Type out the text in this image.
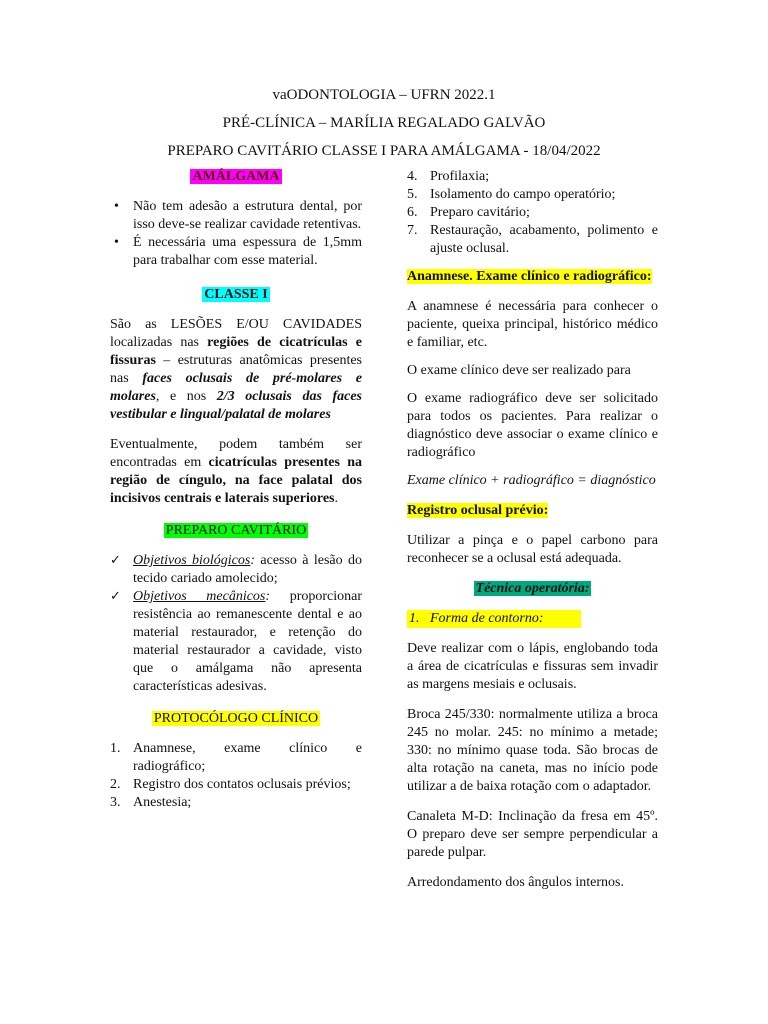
vaODONTOLOGIA – UFRN 2022.1
PRÉ-CLÍNICA – MARÍLIA REGALADO GALVÃO
PREPARO CAVITÁRIO CLASSE I PARA AMÁLGAMA - 18/04/2022

AMÁLGAMA

• Não tem adesão a estrutura dental, por isso deve-se realizar cavidade retentivas.
• É necessária uma espessura de 1,5mm para trabalhar com esse material.

CLASSE I

São as LESÕES E/OU CAVIDADES localizadas nas regiões de cicatrículas e fissuras – estruturas anatômicas presentes nas faces oclusais de pré-molares e molares, e nos 2/3 oclusais das faces vestibular e lingual/palatal de molares

Eventualmente, podem também ser encontradas em cicatrículas presentes na região de cíngulo, na face palatal dos incisivos centrais e laterais superiores.

PREPARO CAVITÁRIO

✓ Objetivos biológicos: acesso à lesão do tecido cariado amolecido;
✓ Objetivos mecânicos: proporcionar resistência ao remanescente dental e ao material restaurador, e retenção do material restaurador a cavidade, visto que o amálgama não apresenta características adesivas.

PROTOCÓLOGO CLÍNICO

1. Anamnese, exame clínico e radiográfico;
2. Registro dos contatos oclusais prévios;
3. Anestesia;
4. Profilaxia;
5. Isolamento do campo operatório;
6. Preparo cavitário;
7. Restauração, acabamento, polimento e ajuste oclusal.

Anamnese. Exame clínico e radiográfico:

A anamnese é necessária para conhecer o paciente, queixa principal, histórico médico e familiar, etc.

O exame clínico deve ser realizado para

O exame radiográfico deve ser solicitado para todos os pacientes. Para realizar o diagnóstico deve associar o exame clínico e radiográfico

Exame clínico + radiográfico = diagnóstico

Registro oclusal prévio:

Utilizar a pinça e o papel carbono para reconhecer se a oclusal está adequada.

Técnica operatória:

1. Forma de contorno:

Deve realizar com o lápis, englobando toda a área de cicatrículas e fissuras sem invadir as margens mesiais e oclusais.

Broca 245/330: normalmente utiliza a broca 245 no molar. 245: no mínimo a metade; 330: no mínimo quase toda. São brocas de alta rotação na caneta, mas no início pode utilizar a de baixa rotação com o adaptador.

Canaleta M-D: Inclinação da fresa em 45º. O preparo deve ser sempre perpendicular a parede pulpar.

Arredondamento dos ângulos internos.
